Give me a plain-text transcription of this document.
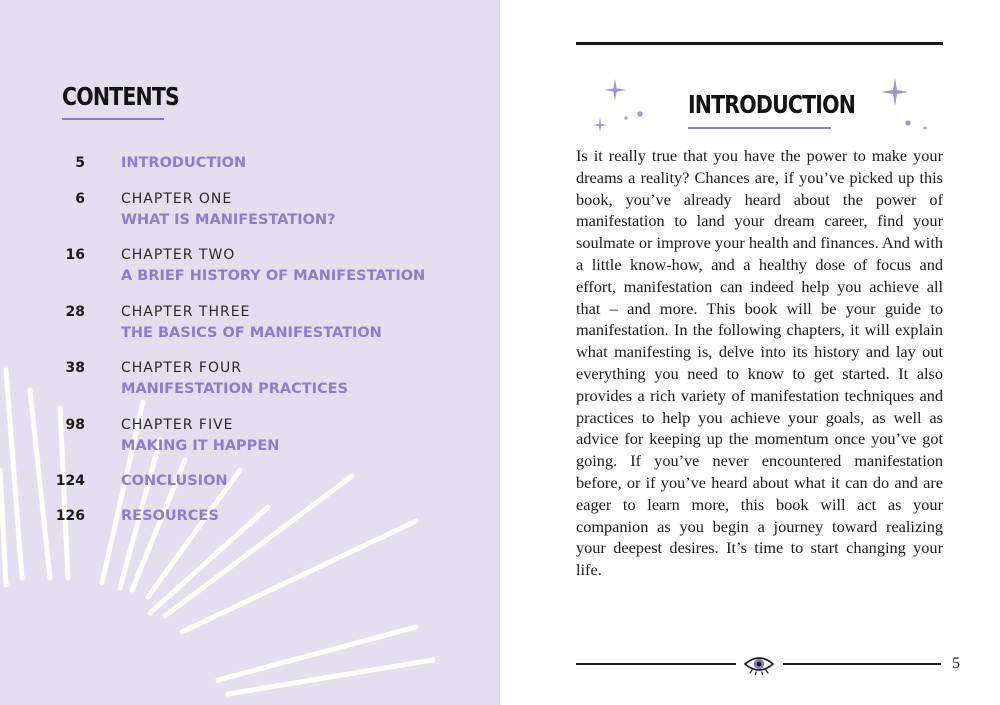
CONTENTS
5 INTRODUCTION
6	CHAPTER ONE
WHAT IS MANIFESTATION?
16	CHAPTER TWO
A BRIEF HISTORY OF MANIFESTATION
28	CHAPTER THREE
THE BASICS OF MANIFESTATION
38	CHAPTER FOUR
MANIFESTATION PRACTICES
98	CHAPTER FIVE
MAKING IT HAPPEN
124 CONCLUSION
126 RESOURCES
INTRODUCTION

Is it really true that you have the power to make your dreams a reality? Chances are, if you’ve picked up this book, you’ve already heard about the power of manifestation to land your dream career, find your soulmate or improve your health and finances. And with a little know-how, and a healthy dose of focus and effort, manifestation can indeed help you achieve all that – and more. This book will be your guide to manifestation. In the following chapters, it will explain what manifesting is, delve into its history and lay out everything you need to know to get started. It also provides a rich variety of manifestation techniques and practices to help you achieve your goals, as well as advice for keeping up the momentum once you’ve got going. If you’ve never encountered manifestation before, or if you’ve heard about what it can do and are eager to learn more, this book will act as your companion as you begin a journey toward realizing your deepest desires. It’s time to start changing your life.

5
